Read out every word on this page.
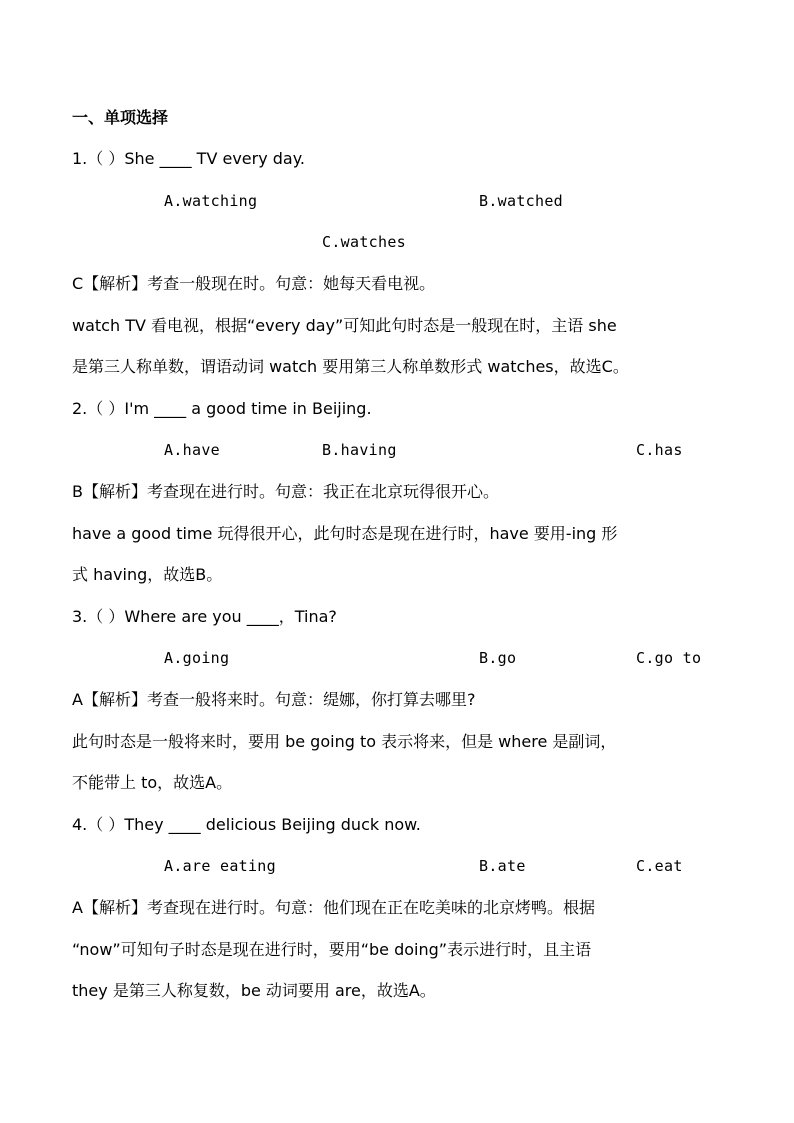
一、单项选择
1.（ ）She ____ TV every day.
A.watching	B.watched
C.watches
C【解析】考查一般现在时。句意：她每天看电视。
watch TV 看电视，根据“every day”可知此句时态是一般现在时，主语 she
是第三人称单数，谓语动词 watch 要用第三人称单数形式 watches，故选C。
2.（ ）I'm ____ a good time in Beijing.
A.have	B.having	C.has
B【解析】考查现在进行时。句意：我正在北京玩得很开心。
have a good time 玩得很开心，此句时态是现在进行时，have 要用-ing 形
式 having，故选B。
3.（ ）Where are you ____，Tina?
A.going	B.go	C.go to
A【解析】考查一般将来时。句意：缇娜，你打算去哪里?
此句时态是一般将来时，要用 be going to 表示将来，但是 where 是副词，
不能带上 to，故选A。
4.（ ）They ____ delicious Beijing duck now.
A.are eating	B.ate	C.eat
A【解析】考查现在进行时。句意：他们现在正在吃美味的北京烤鸭。根据
“now”可知句子时态是现在进行时，要用“be doing”表示进行时，且主语
they 是第三人称复数，be 动词要用 are，故选A。
